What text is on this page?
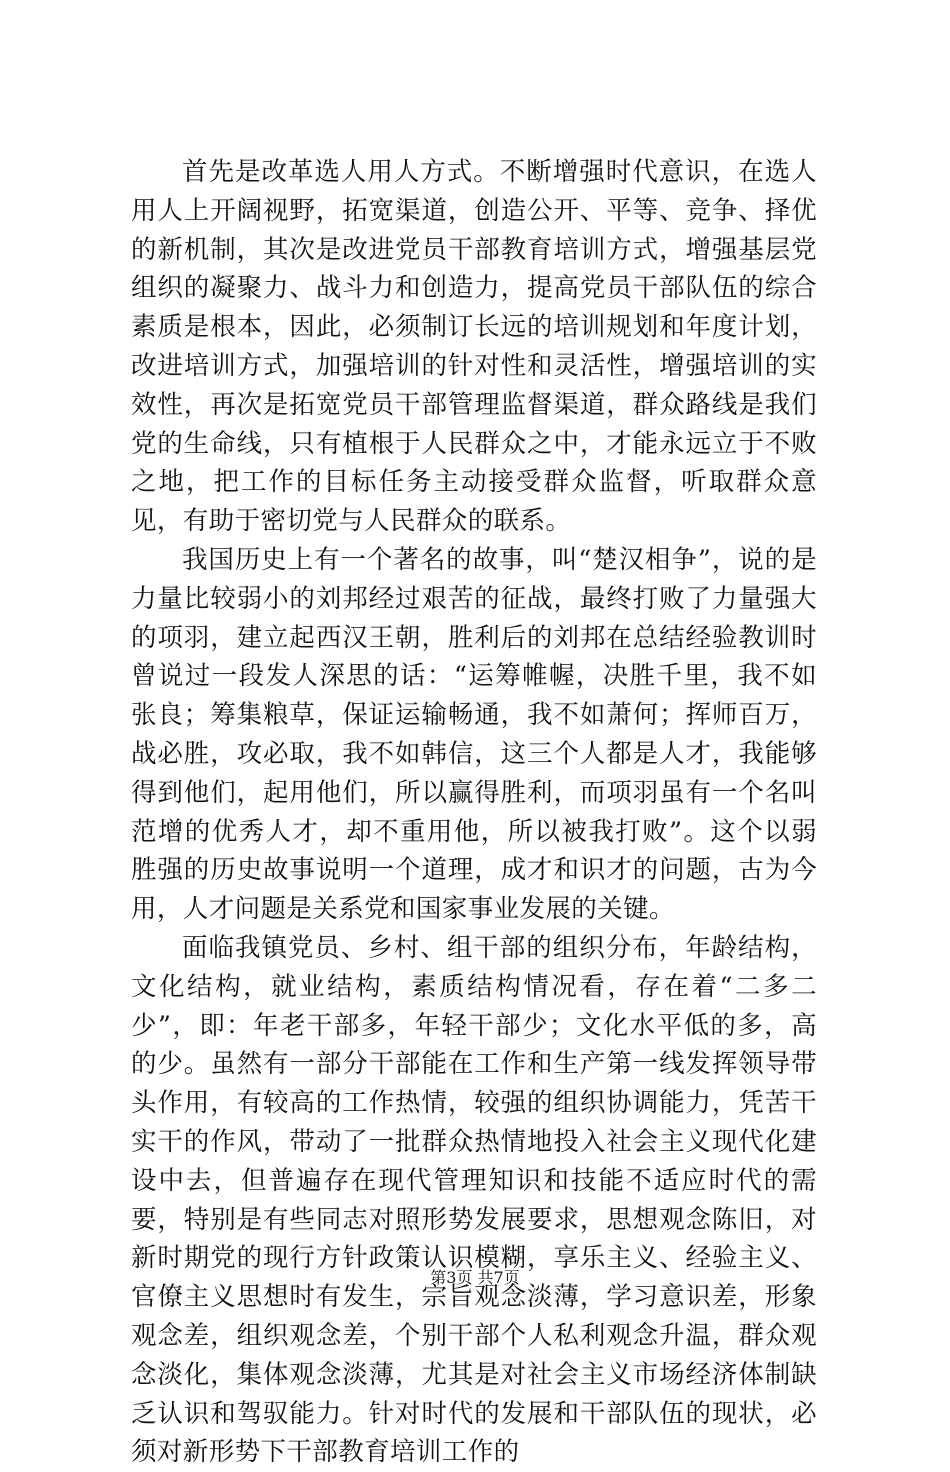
首先是改革选人用人方式。不断增强时代意识，在选人用人上开阔视野，拓宽渠道，创造公开、平等、竞争、择优的新机制，其次是改进党员干部教育培训方式，增强基层党组织的凝聚力、战斗力和创造力，提高党员干部队伍的综合素质是根本，因此，必须制订长远的培训规划和年度计划，改进培训方式，加强培训的针对性和灵活性，增强培训的实效性，再次是拓宽党员干部管理监督渠道，群众路线是我们党的生命线，只有植根于人民群众之中，才能永远立于不败之地，把工作的目标任务主动接受群众监督，听取群众意见，有助于密切党与人民群众的联系。

我国历史上有一个著名的故事，叫“楚汉相争”，说的是力量比较弱小的刘邦经过艰苦的征战，最终打败了力量强大的项羽，建立起西汉王朝，胜利后的刘邦在总结经验教训时曾说过一段发人深思的话：“运筹帷幄，决胜千里，我不如张良；筹集粮草，保证运输畅通，我不如萧何；挥师百万，战必胜，攻必取，我不如韩信，这三个人都是人才，我能够得到他们，起用他们，所以赢得胜利，而项羽虽有一个名叫范增的优秀人才，却不重用他，所以被我打败”。这个以弱胜强的历史故事说明一个道理，成才和识才的问题，古为今用，人才问题是关系党和国家事业发展的关键。

面临我镇党员、乡村、组干部的组织分布，年龄结构，文化结构，就业结构，素质结构情况看，存在着“二多二少”，即：年老干部多，年轻干部少；文化水平低的多，高的少。虽然有一部分干部能在工作和生产第一线发挥领导带头作用，有较高的工作热情，较强的组织协调能力，凭苦干实干的作风，带动了一批群众热情地投入社会主义现代化建设中去，但普遍存在现代管理知识和技能不适应时代的需要，特别是有些同志对照形势发展要求，思想观念陈旧，对新时期党的现行方针政策认识模糊，享乐主义、经验主义、官僚主义思想时有发生，宗旨观念淡薄，学习意识差，形象观念差，组织观念差，个别干部个人私利观念升温，群众观念淡化，集体观念淡薄，尤其是对社会主义市场经济体制缺乏认识和驾驭能力。针对时代的发展和干部队伍的现状，必须对新形势下干部教育培训工作的

第3页 共7页
